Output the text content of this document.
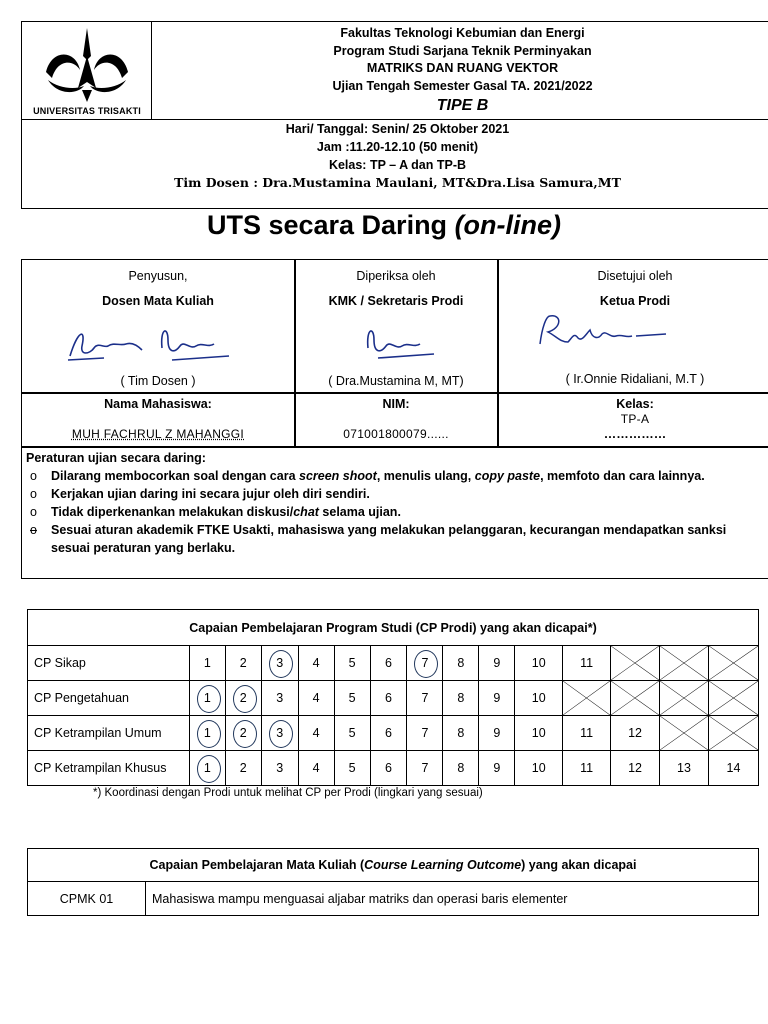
UNIVERSITAS TRISAKTI
Fakultas Teknologi Kebumian dan Energi
Program Studi Sarjana Teknik Perminyakan
MATRIKS DAN RUANG VEKTOR
Ujian Tengah Semester Gasal TA. 2021/2022
TIPE B
Hari/ Tanggal: Senin/ 25 Oktober 2021
Jam :11.20-12.10 (50 menit)
Kelas: TP – A dan TP-B
Tim Dosen : Dra.Mustamina Maulani, MT&Dra.Lisa Samura,MT
UTS secara Daring (on-line)
Penyusun,
Dosen Mata Kuliah
( Tim Dosen )
Diperiksa oleh
KMK / Sekretaris Prodi
( Dra.Mustamina M, MT)
Disetujui oleh
Ketua Prodi
( Ir.Onnie Ridaliani, M.T )
Nama Mahasiswa:
MUH FACHRUL Z MAHANGGI
NIM:
071001800079......
Kelas:
TP-A
……………
Peraturan ujian secara daring:
o Dilarang membocorkan soal dengan cara screen shoot, menulis ulang, copy paste, memfoto dan cara lainnya.
o Kerjakan ujian daring ini secara jujur oleh diri sendiri.
o Tidak diperkenankan melakukan diskusi/chat selama ujian.
o Sesuai aturan akademik FTKE Usakti, mahasiswa yang melakukan pelanggaran, kecurangan mendapatkan sanksi sesuai peraturan yang berlaku.
Capaian Pembelajaran Program Studi (CP Prodi) yang akan dicapai*)														
CP Sikap	1	2	3	4	5	6	7	8	9	10	11	

CP Pengetahuan	1	2	3	4	5	6	7	8	9	10	

CP Ketrampilan Umum	1	2	3	4	5	6	7	8	9	10	11	12	

CP Ketrampilan Khusus	1	2	3	4	5	6	7	8	9	10	11	12	13	14
*) Koordinasi dengan Prodi untuk melihat CP per Prodi (lingkari yang sesuai)
Capaian Pembelajaran Mata Kuliah (Course Learning Outcome) yang akan dicapai
CPMK 01	Mahasiswa mampu menguasai aljabar matriks dan operasi baris elementer
